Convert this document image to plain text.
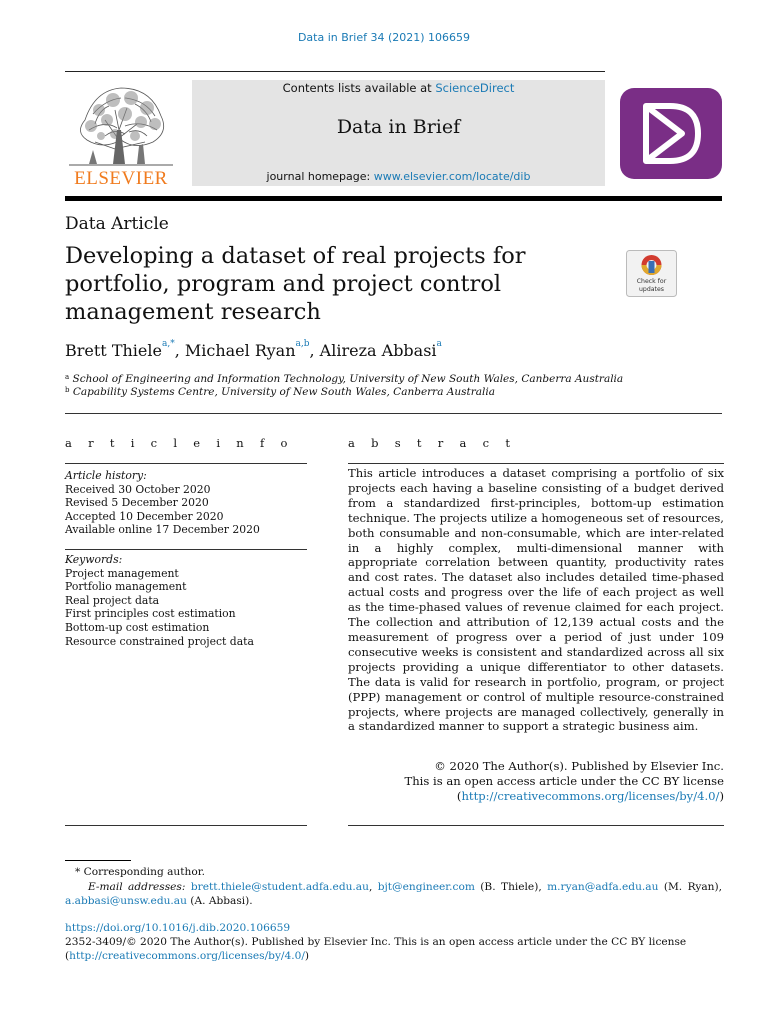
Data in Brief 34 (2021) 106659
ELSEVIER
Contents lists available at ScienceDirect
Data in Brief
journal homepage: www.elsevier.com/locate/dib
Data Article
Developing a dataset of real projects for
portfolio, program and project control
management research
Check for
updates
Brett Thiele$^{a,*}$, Michael Ryan$^{a,b}$, Alireza Abbasi$^a$
$^a$ School of Engineering and Information Technology, University of New South Wales, Canberra Australia
$^b$ Capability Systems Centre, University of New South Wales, Canberra Australia
a r t i c l e i n f o
Article history:
Received 30 October 2020
Revised 5 December 2020
Accepted 10 December 2020
Available online 17 December 2020
Keywords:
Project management
Portfolio management
Real project data
First principles cost estimation
Bottom-up cost estimation
Resource constrained project data
a b s t r a c t
This article introduces a dataset comprising a portfolio of six projects each having a baseline consisting of a budget derived from a standardized first-principles, bottom-up estimation technique. The projects utilize a homogeneous set of resources, both consumable and non-consumable, which are inter-related in a highly complex, multi-dimensional manner with appropriate correlation between quantity, productivity rates and cost rates. The dataset also includes detailed time-phased actual costs and progress over the life of each project as well as the time-phased values of revenue claimed for each project. The collection and attribution of 12,139 actual costs and the measurement of progress over a period of just under 109 consecutive weeks is consistent and standardized across all six projects providing a unique differentiator to other datasets. The data is valid for research in portfolio, program, or project (PPP) management or control of multiple resource-constrained projects, where projects are managed collectively, generally in a standardized manner to support a strategic business aim.
© 2020 The Author(s). Published by Elsevier Inc.
This is an open access article under the CC BY license
(http://creativecommons.org/licenses/by/4.0/)
* Corresponding author.
E-mail addresses: brett.thiele@student.adfa.edu.au, bjt@engineer.com (B. Thiele), m.ryan@adfa.edu.au (M. Ryan), a.abbasi@unsw.edu.au (A. Abbasi).
https://doi.org/10.1016/j.dib.2020.106659
2352-3409/© 2020 The Author(s). Published by Elsevier Inc. This is an open access article under the CC BY license
(http://creativecommons.org/licenses/by/4.0/)
